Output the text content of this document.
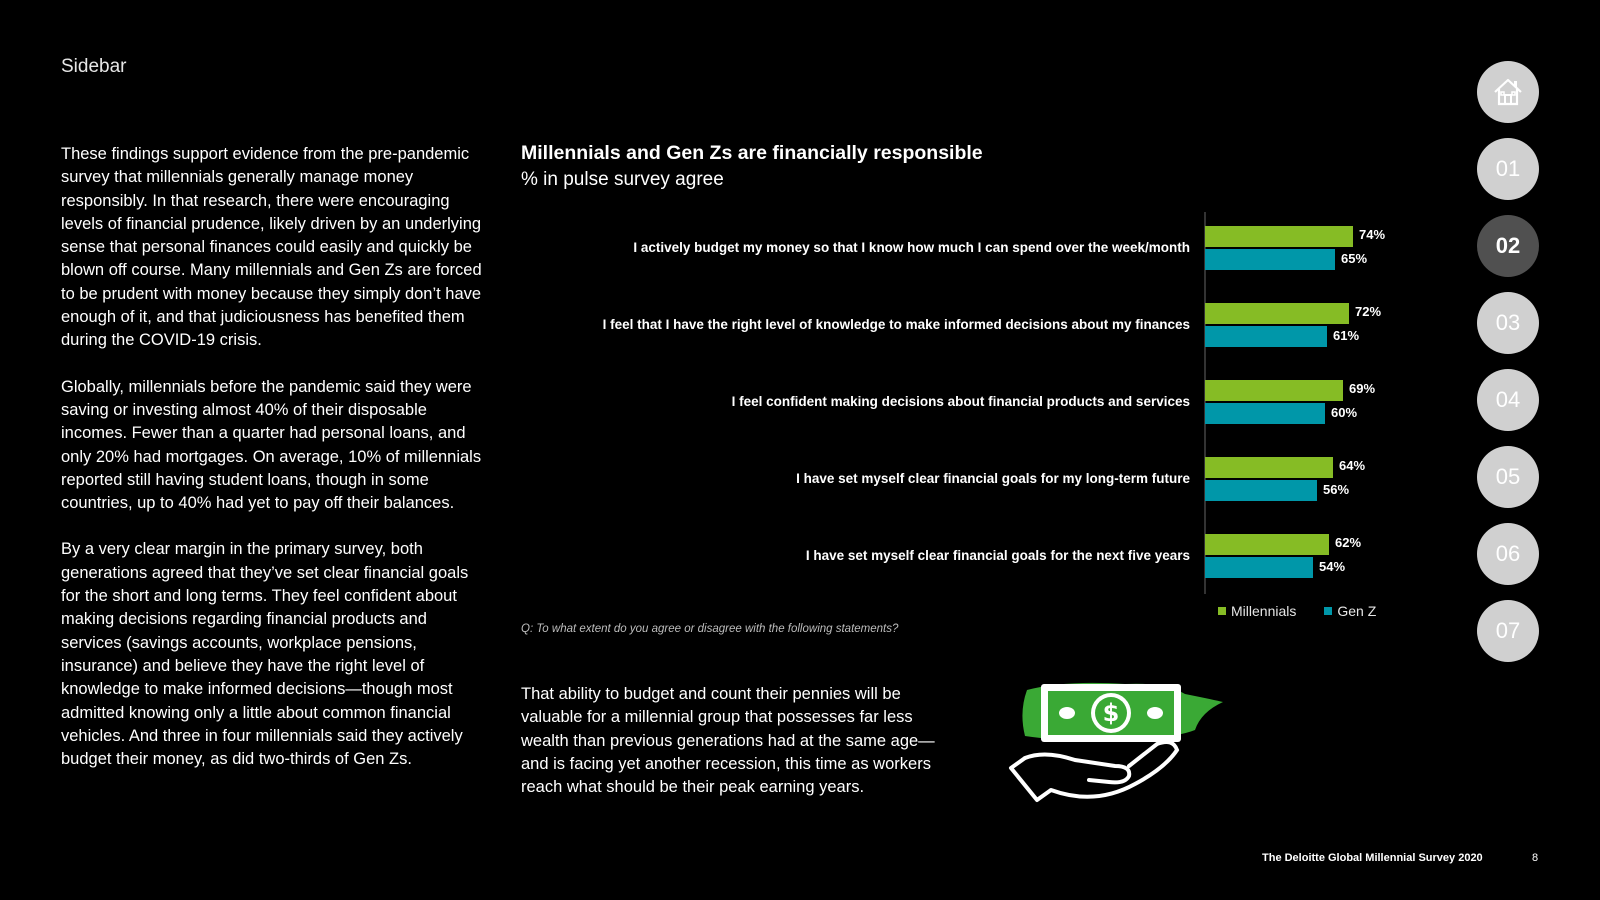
Sidebar

These findings support evidence from the pre-pandemic survey that millennials generally manage money responsibly. In that research, there were encouraging levels of financial prudence, likely driven by an underlying sense that personal finances could easily and quickly be blown off course. Many millennials and Gen Zs are forced to be prudent with money because they simply don’t have enough of it, and that judiciousness has benefited them during the COVID-19 crisis.

Globally, millennials before the pandemic said they were saving or investing almost 40% of their disposable incomes. Fewer than a quarter had personal loans, and only 20% had mortgages. On average, 10% of millennials reported still having student loans, though in some countries, up to 40% had yet to pay off their balances.

By a very clear margin in the primary survey, both generations agreed that they’ve set clear financial goals for the short and long terms. They feel confident about making decisions regarding financial products and services (savings accounts, workplace pensions, insurance) and believe they have the right level of knowledge to make informed decisions—though most admitted knowing only a little about common financial vehicles. And three in four millennials said they actively budget their money, as did two-thirds of Gen Zs.

Millennials and Gen Zs are financially responsible
% in pulse survey agree
I actively budget my money so that I know how much I can spend over the week/month
74%
65%
I feel that I have the right level of knowledge to make informed decisions about my finances
72%
61%
I feel confident making decisions about financial products and services
69%
60%
I have set myself clear financial goals for my long-term future
64%
56%
I have set myself clear financial goals for the next five years
62%
54%
Millennials	Gen Z
Q: To what extent do you agree or disagree with the following statements?
That ability to budget and count their pennies will be valuable for a millennial group that possesses far less wealth than previous generations had at the same age—and is facing yet another recession, this time as workers reach what should be their peak earning years.
$
01
02
03
04
05
06
07
The Deloitte Global Millennial Survey 2020	8
